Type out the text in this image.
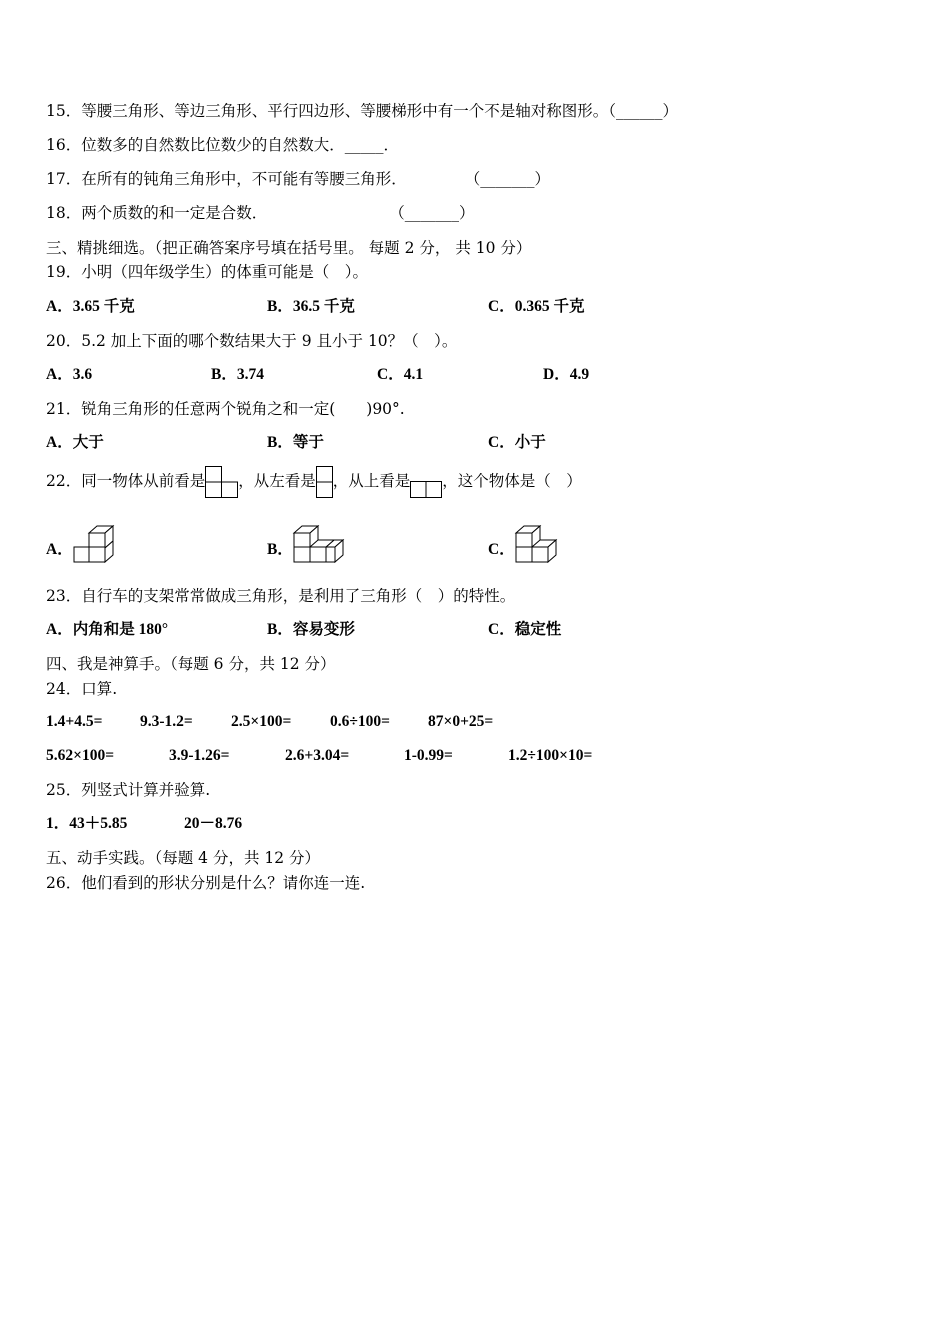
15．等腰三角形、等边三角形、平行四边形、等腰梯形中有一个不是轴对称图形。（______）
16．位数多的自然数比位数少的自然数大．_____．
17．在所有的钝角三角形中，不可能有等腰三角形．	（_______）
18．两个质数的和一定是合数．	（_______）
三、精挑细选。（把正确答案序号填在括号里。 每题 2 分， 共 10 分）
19．小明（四年级学生）的体重可能是（　）。
A．3.65 千克	B．36.5 千克	C．0.365 千克
20．5.2 加上下面的哪个数结果大于 9 且小于 10？（　）。
A．3.6	B．3.74	C．4.1	D．4.9
21．锐角三角形的任意两个锐角之和一定(　　)90°.
A．大于	B．等于	C．小于
22．同一物体从前看是 ，从左看是 ，从上看是 ，这个物体是（　）
A．	B．	C．
23．自行车的支架常常做成三角形，是利用了三角形（　）的特性。
A．内角和是 180°	B．容易变形	C．稳定性
四、我是神算手。（每题 6 分，共 12 分）
24．口算.
1.4+4.5= 9.3-1.2= 2.5×100= 0.6÷100= 87×0+25=
5.62×100=	3.9-1.26=	2.6+3.04=	1-0.99=	1.2÷100×10=
25．列竖式计算并验算.
1．43＋5.85	20－8.76
五、动手实践。（每题 4 分，共 12 分）
26．他们看到的形状分别是什么？请你连一连.
